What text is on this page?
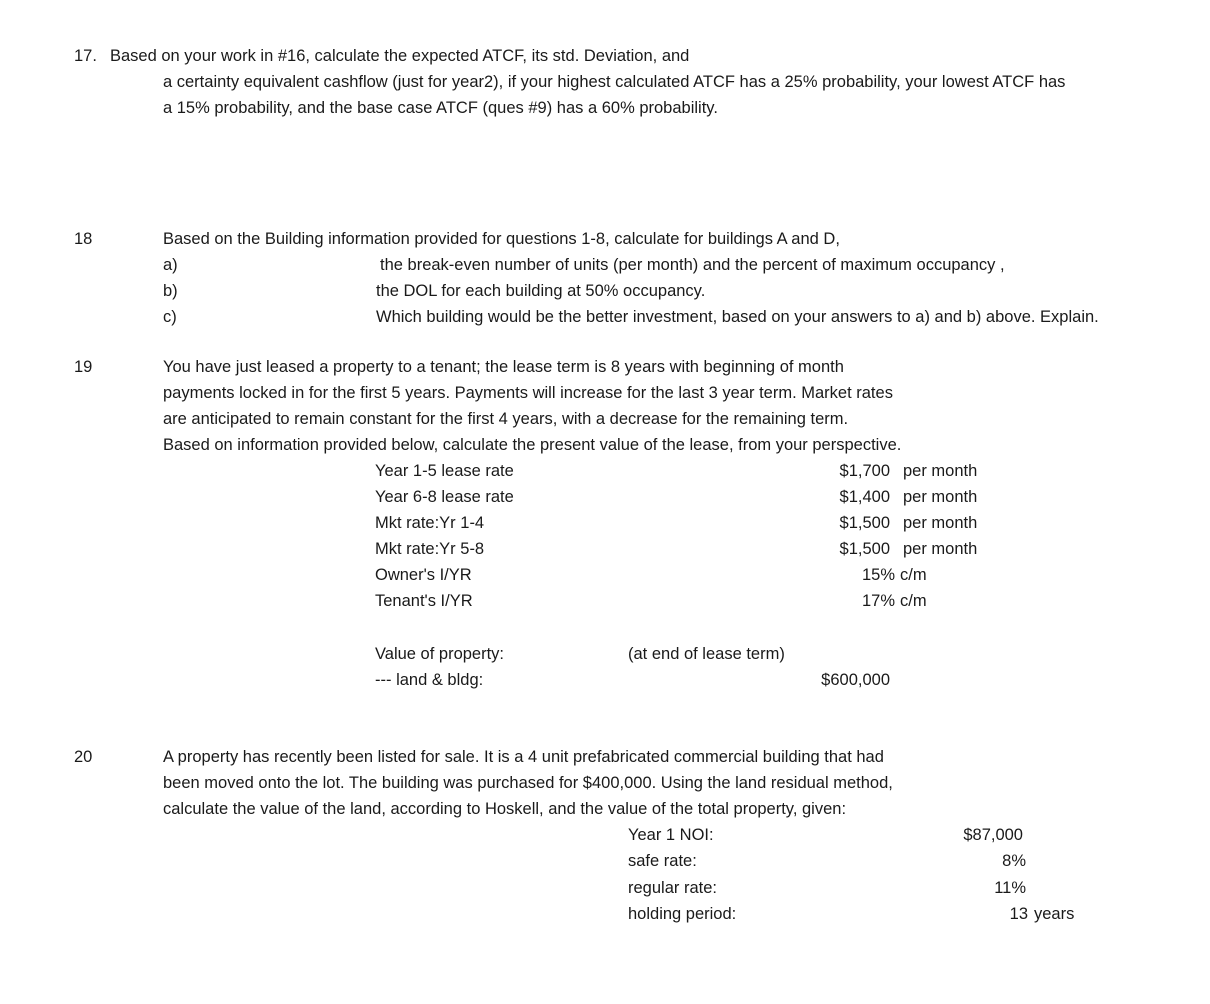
17. Based on your work in #16, calculate the expected ATCF, its std. Deviation, and
a certainty equivalent cashflow (just for year2), if your highest calculated ATCF has a 25% probability, your lowest ATCF has
a 15% probability, and the base case ATCF (ques #9) has a 60% probability.
18	Based on the Building information provided for questions 1-8, calculate for buildings A and D,
a)	the break-even number of units (per month) and the percent of maximum occupancy ,
b)	the DOL for each building at 50% occupancy.
c)	Which building would be the better investment, based on your answers to a) and b) above. Explain.
19	You have just leased a property to a tenant; the lease term is 8 years with beginning of month
payments locked in for the first 5 years. Payments will increase for the last 3 year term. Market rates
are anticipated to remain constant for the first 4 years, with a decrease for the remaining term.
Based on information provided below, calculate the present value of the lease, from your perspective.
Year 1-5 lease rate	$1,700 per month
Year 6-8 lease rate	$1,400 per month
Mkt rate:Yr 1-4	$1,500 per month
Mkt rate:Yr 5-8	$1,500 per month
Owner's I/YR	15% c/m
Tenant's I/YR	17% c/m
Value of property:	(at end of lease term)
--- land & bldg:	$600,000
20	A property has recently been listed for sale. It is a 4 unit prefabricated commercial building that had
been moved onto the lot. The building was purchased for $400,000. Using the land residual method,
calculate the value of the land, according to Hoskell, and the value of the total property, given:
Year 1 NOI:	$87,000
safe rate:	8%
regular rate:	11%
holding period:	13 years
